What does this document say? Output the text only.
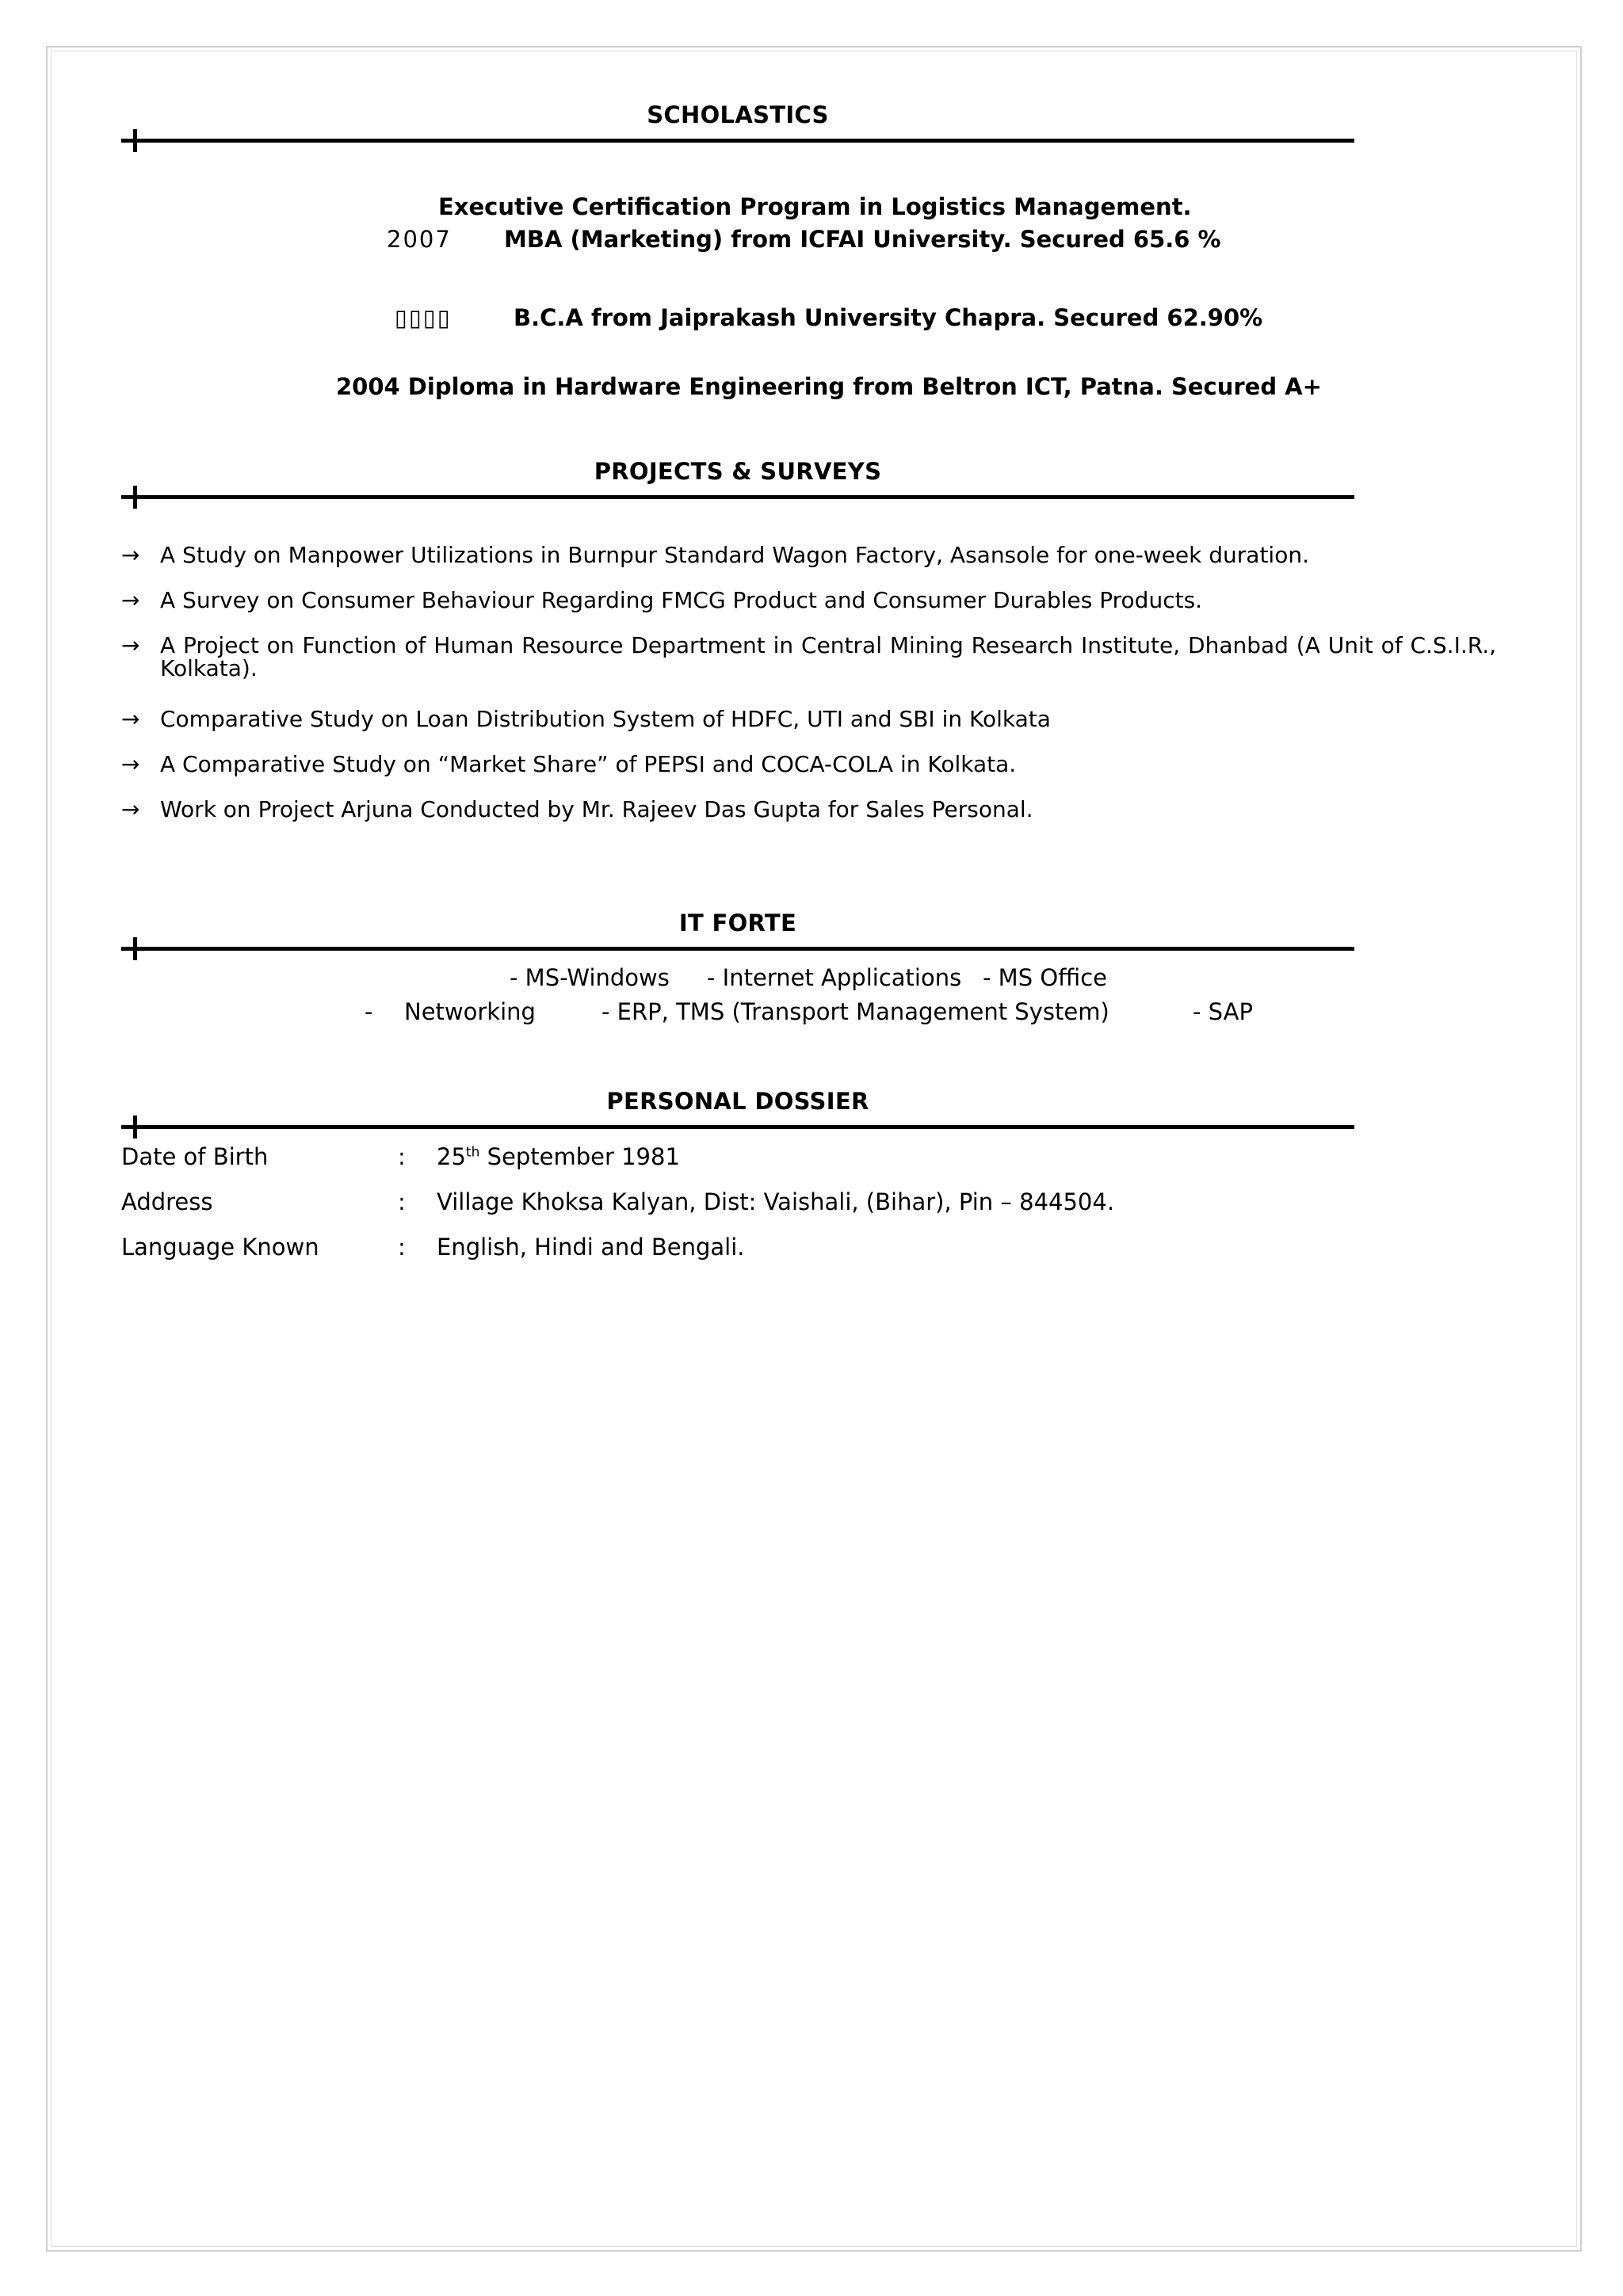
SCHOLASTICS
Executive Certification Program in Logistics Management.
2007 MBA (Marketing) from ICFAI University. Secured 65.6 %
▯▯▯▯	B.C.A from Jaiprakash University Chapra. Secured 62.90%
2004 Diploma in Hardware Engineering from Beltron ICT, Patna. Secured A+
PROJECTS & SURVEYS
→ A Study on Manpower Utilizations in Burnpur Standard Wagon Factory, Asansole for one-week duration.
→ A Survey on Consumer Behaviour Regarding FMCG Product and Consumer Durables Products.
→ A Project on Function of Human Resource Department in Central Mining Research Institute, Dhanbad (A Unit of C.S.I.R., Kolkata).
→ Comparative Study on Loan Distribution System of HDFC, UTI and SBI in Kolkata
→ A Comparative Study on “Market Share” of PEPSI and COCA-COLA in Kolkata.
→ Work on Project Arjuna Conducted by Mr. Rajeev Das Gupta for Sales Personal.
IT FORTE
- MS-Windows - Internet Applications - MS Office
- Networking	- ERP, TMS (Transport Management System)	- SAP
PERSONAL DOSSIER
Date of Birth	: 25th September 1981
Address	: Village Khoksa Kalyan, Dist: Vaishali, (Bihar), Pin – 844504.
Language Known	: English, Hindi and Bengali.
